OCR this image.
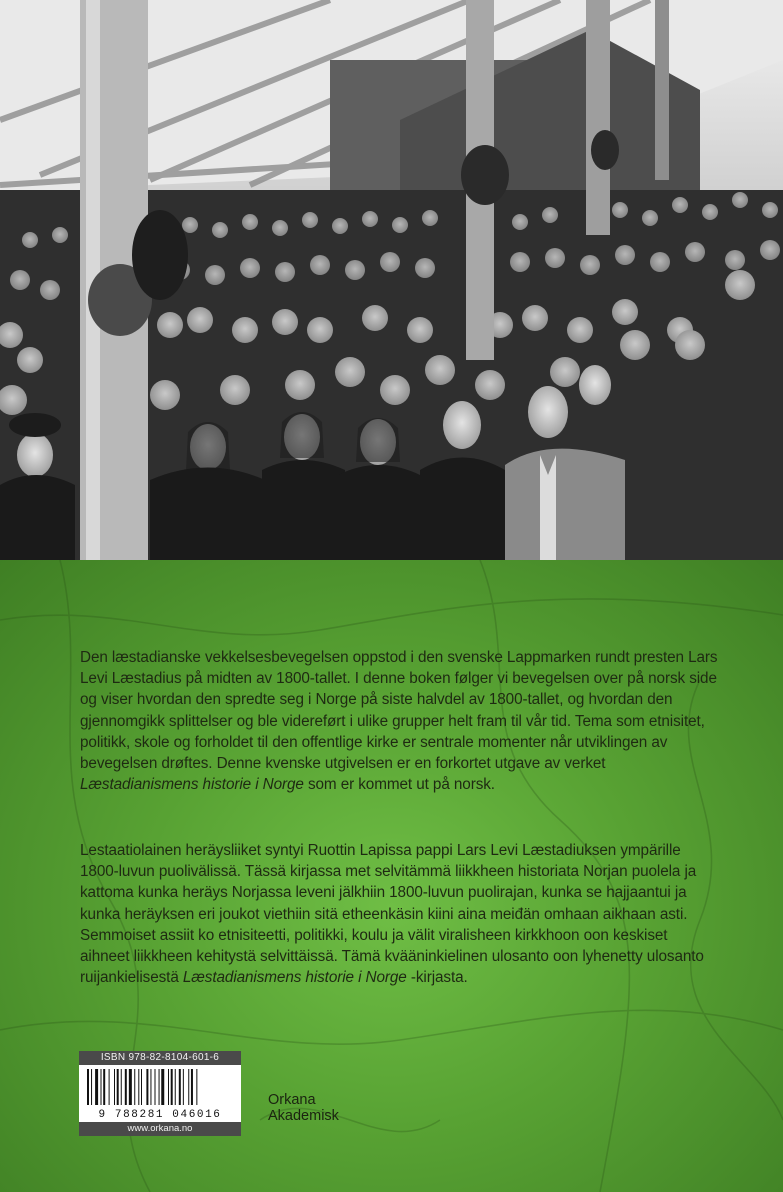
Den læstadianske vekkelsesbevegelsen oppstod i den svenske Lappmarken rundt presten Lars Levi Læstadius på midten av 1800-tallet. I denne boken følger vi bevegelsen over på norsk side og viser hvordan den spredte seg i Norge på siste halvdel av 1800-tallet, og hvordan den gjennomgikk splittelser og ble videreført i ulike grupper helt fram til vår tid. Tema som etnisitet, politikk, skole og forholdet til den offentlige kirke er sentrale momenter når utviklingen av bevegelsen drøftes. Denne kvenske utgivelsen er en forkortet utgave av verket Læstadianismens historie i Norge som er kommet ut på norsk.

Lestaatiolainen heräysliiket syntyi Ruottin Lapissa pappi Lars Levi Læstadiuksen ympärille 1800-luvun puolivälissä. Tässä kirjassa met selvitämmä liikkheen historiata Norjan puolela ja kattoma kunka heräys Norjassa leveni jälkhiin 1800-luvun puolirajan, kunka se hajjaantui ja kunka heräyksen eri joukot viethiin sitä etheenkäsin kiini aina meiđän omhaan aikhaan asti. Semmoiset assiit ko etnisiteetti, politikki, koulu ja välit viralisheen kirkkhoon oon keskiset aihneet liikkheen kehitystä selvittäissä. Tämä kvääninkielinen ulosanto oon lyhenetty ulosanto ruijankielisestä Læstadianismens historie i Norge -kirjasta.

ISBN 978-82-8104-601-6
9 788281 046016
www.orkana.no
Orkana
Akademisk
